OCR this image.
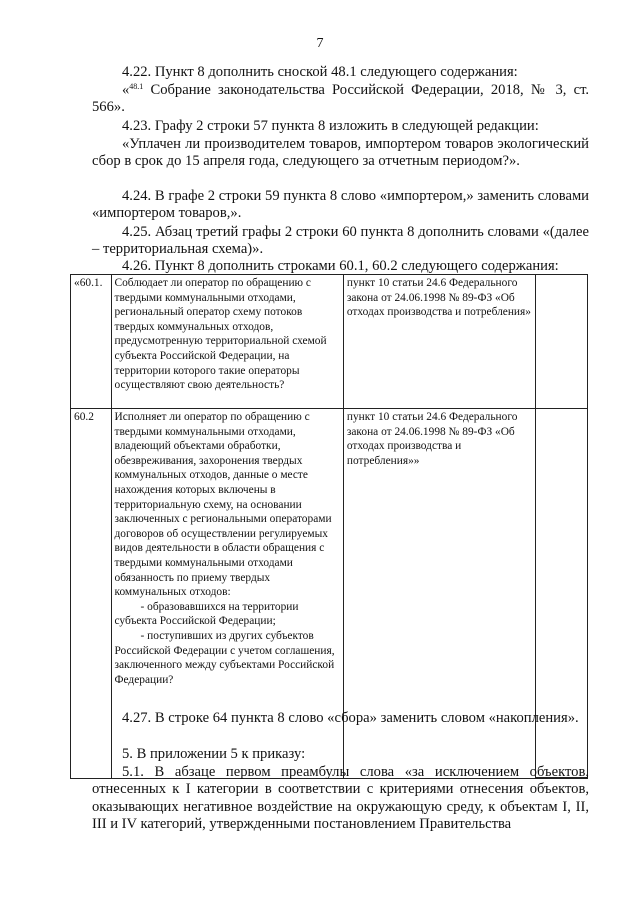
7

4.22. Пункт 8 дополнить сноской 48.1 следующего содержания:

«$^{48.1}$ Собрание законодательства Российской Федерации, 2018, № 3, ст. 566».

4.23. Графу 2 строки 57 пункта 8 изложить в следующей редакции:

«Уплачен ли производителем товаров, импортером товаров экологический сбор в срок до 15 апреля года, следующего за отчетным периодом?».

4.24. В графе 2 строки 59 пункта 8 слово «импортером,» заменить словами «импортером товаров,».

4.25. Абзац третий графы 2 строки 60 пункта 8 дополнить словами «(далее – территориальная схема)».

4.26. Пункт 8 дополнить строками 60.1, 60.2 следующего содержания:

«60.1.	Соблюдает ли оператор по обращению с твердыми коммунальными отходами, региональный оператор схему потоков твердых коммунальных отходов, предусмотренную территориальной схемой субъекта Российской Федерации, на территории которого такие операторы осуществляют свою деятельность?	пункт 10 статьи 24.6 Федерального закона от 24.06.1998 № 89-ФЗ «Об отходах производства и потребления»	
60.2	Исполняет ли оператор по обращению с твердыми коммунальными отходами, владеющий объектами обработки, обезвреживания, захоронения твердых коммунальных отходов, данные о месте нахождения которых включены в территориальную схему, на основании заключенных с региональными операторами договоров об осуществлении регулируемых видов деятельности в области обращения с твердыми коммунальными отходами обязанность по приему твердых коммунальных отходов:
- образовавшихся на территории субъекта Российской Федерации;
- поступивших из других субъектов Российской Федерации с учетом соглашения, заключенного между субъектами Российской Федерации?	пункт 10 статьи 24.6 Федерального закона от 24.06.1998 № 89-ФЗ «Об отходах производства и потребления»»	

4.27. В строке 64 пункта 8 слово «сбора» заменить словом «накопления».

5. В приложении 5 к приказу:

5.1. В абзаце первом преамбулы слова «за исключением объектов, отнесенных к I категории в соответствии с критериями отнесения объектов, оказывающих негативное воздействие на окружающую среду, к объектам I, II, III и IV категорий, утвержденными постановлением Правительства
